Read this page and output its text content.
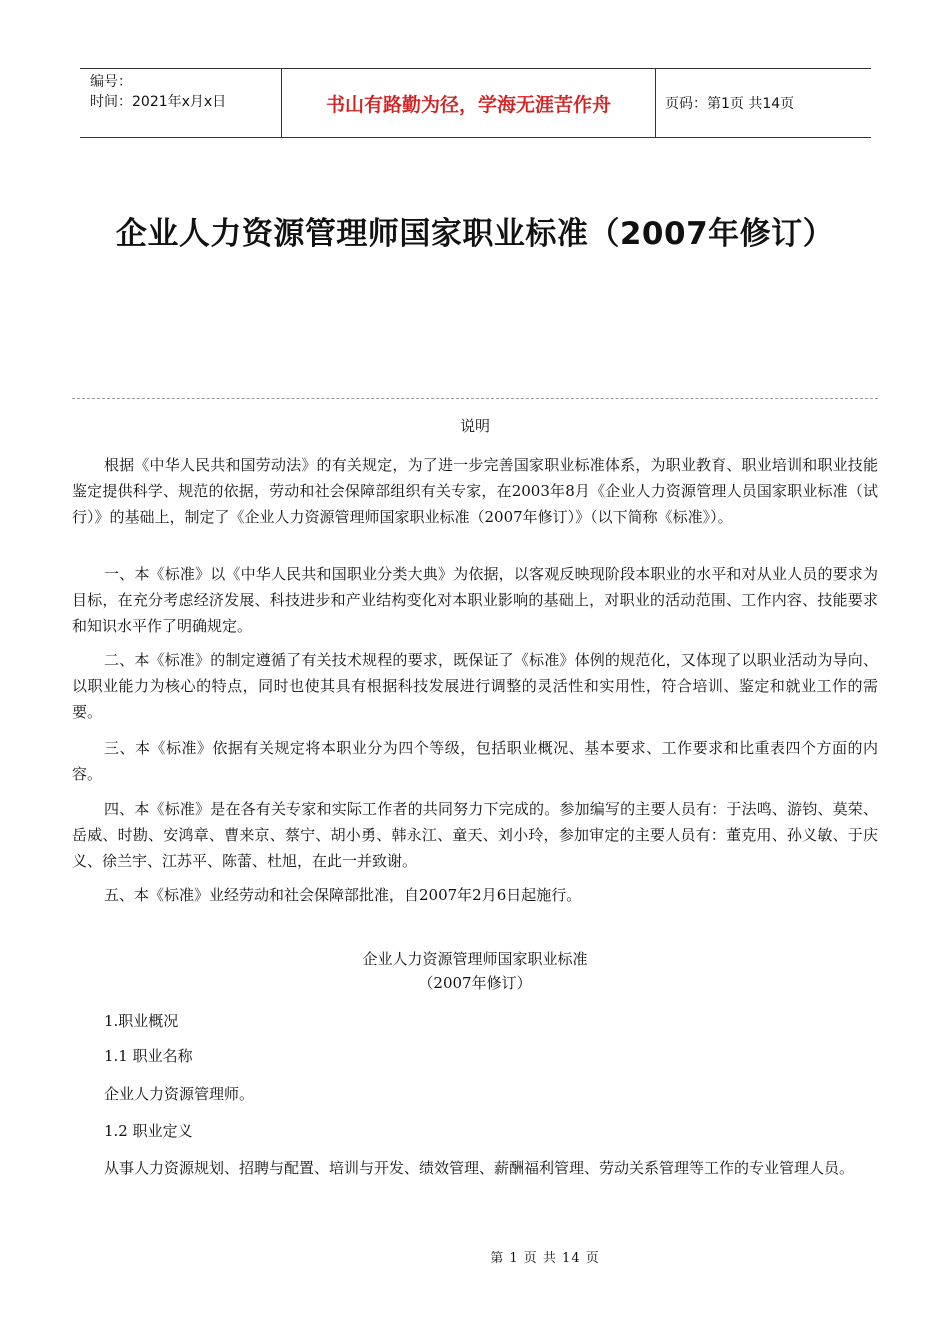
编号：
时间：2021年x月x日	书山有路勤为径，学海无涯苦作舟	页码：第1页 共14页
企业人力资源管理师国家职业标准（2007年修订）
说明
根据《中华人民共和国劳动法》的有关规定，为了进一步完善国家职业标准体系，为职业教育、职业培训和职业技能鉴定提供科学、规范的依据，劳动和社会保障部组织有关专家，在2003年8月《企业人力资源管理人员国家职业标准（试行）》的基础上，制定了《企业人力资源管理师国家职业标准（2007年修订）》（以下简称《标准》）。
一、本《标准》以《中华人民共和国职业分类大典》为依据，以客观反映现阶段本职业的水平和对从业人员的要求为目标，在充分考虑经济发展、科技进步和产业结构变化对本职业影响的基础上，对职业的活动范围、工作内容、技能要求和知识水平作了明确规定。
二、本《标准》的制定遵循了有关技术规程的要求，既保证了《标准》体例的规范化，又体现了以职业活动为导向、以职业能力为核心的特点，同时也使其具有根据科技发展进行调整的灵活性和实用性，符合培训、鉴定和就业工作的需要。
三、本《标准》依据有关规定将本职业分为四个等级，包括职业概况、基本要求、工作要求和比重表四个方面的内容。
四、本《标准》是在各有关专家和实际工作者的共同努力下完成的。参加编写的主要人员有：于法鸣、游钧、莫荣、岳威、时勘、安鸿章、曹来京、蔡宁、胡小勇、韩永江、童天、刘小玲，参加审定的主要人员有：董克用、孙义敏、于庆义、徐兰宇、江苏平、陈蕾、杜旭，在此一并致谢。
五、本《标准》业经劳动和社会保障部批准，自2007年2月6日起施行。
企业人力资源管理师国家职业标准
（2007年修订）
1.职业概况
1.1 职业名称
企业人力资源管理师。
1.2 职业定义
从事人力资源规划、招聘与配置、培训与开发、绩效管理、薪酬福利管理、劳动关系管理等工作的专业管理人员。
第 1 页 共 14 页
